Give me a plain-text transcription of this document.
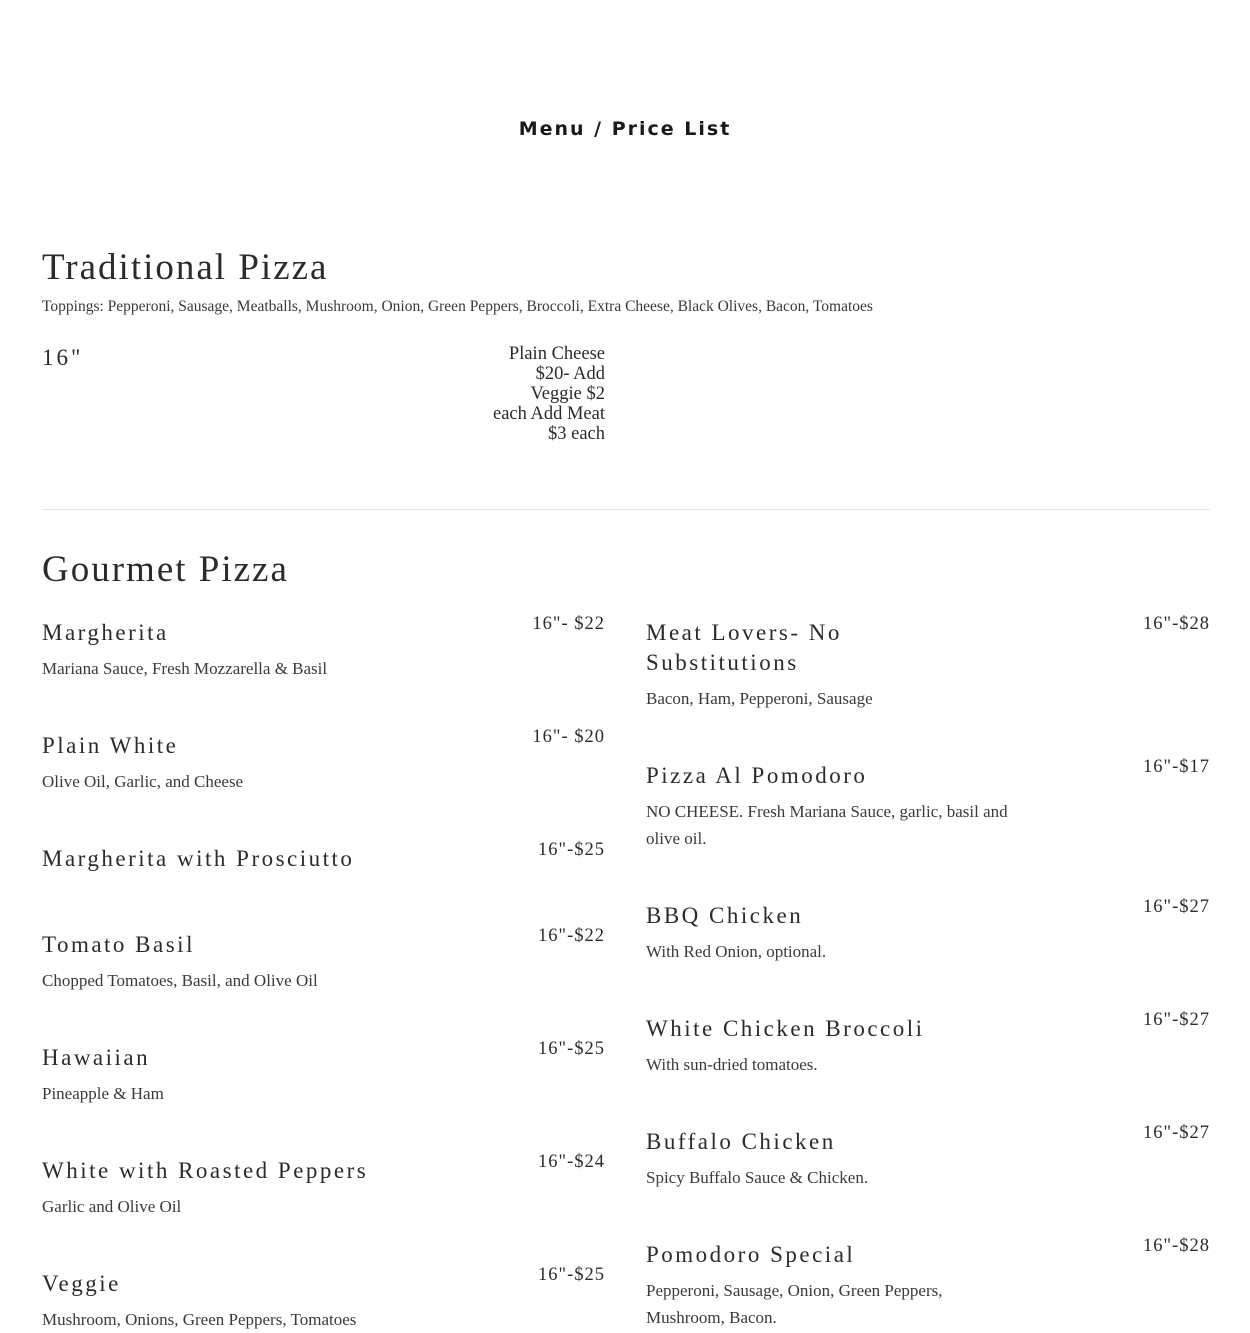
Menu / Price List
Traditional Pizza
Toppings: Pepperoni, Sausage, Meatballs, Mushroom, Onion, Green Peppers, Broccoli, Extra Cheese, Black Olives, Bacon, Tomatoes
16"	Plain Cheese
$20- Add
Veggie $2
each Add Meat
$3 each
Gourmet Pizza
Margherita	16"- $22
Mariana Sauce, Fresh Mozzarella & Basil
Plain White	16"- $20
Olive Oil, Garlic, and Cheese
Margherita with Prosciutto	16"-$25
Tomato Basil	16"-$22
Chopped Tomatoes, Basil, and Olive Oil
Hawaiian	16"-$25
Pineapple & Ham
White with Roasted Peppers	16"-$24
Garlic and Olive Oil
Veggie	16"-$25
Mushroom, Onions, Green Peppers, Tomatoes
Meat Lovers- No Substitutions
16"-$28
Bacon, Ham, Pepperoni, Sausage
Pizza Al Pomodoro	16"-$17
NO CHEESE. Fresh Mariana Sauce, garlic, basil and olive oil.
BBQ Chicken	16"-$27
With Red Onion, optional.
White Chicken Broccoli	16"-$27
With sun-dried tomatoes.
Buffalo Chicken	16"-$27
Spicy Buffalo Sauce & Chicken.
Pomodoro Special	16"-$28
Pepperoni, Sausage, Onion, Green Peppers, Mushroom, Bacon.
